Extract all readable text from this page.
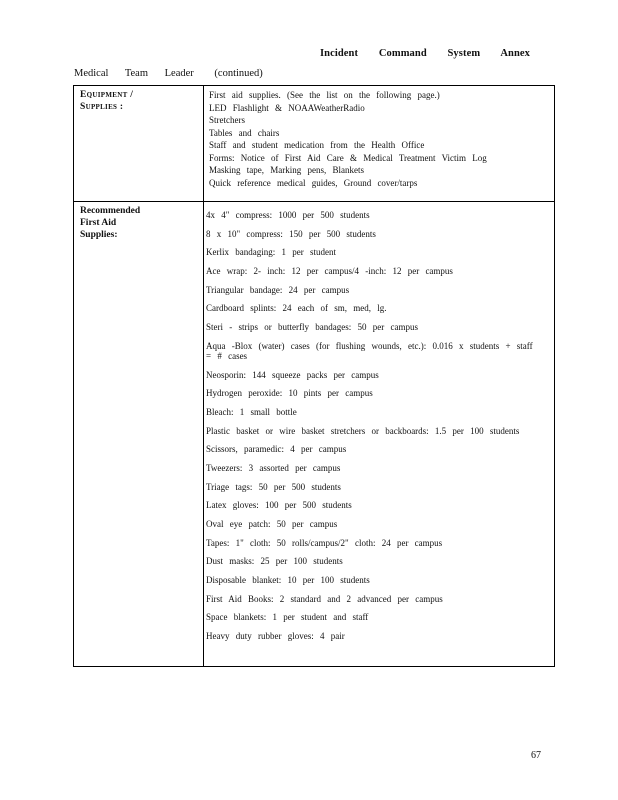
Incident Command System Annex
Medical Team Leader (continued)
Equipment /
Supplies :
First aid supplies. (See the list on the following page.)
LED Flashlight & NOAAWeatherRadio
Stretchers
Tables and chairs
Staff and student medication from the Health Office
Forms: Notice of First Aid Care & Medical Treatment Victim Log
Masking tape, Marking pens, Blankets
Quick reference medical guides, Ground cover/tarps
Recommended
First Aid
Supplies:
4x 4" compress: 1000 per 500 students
8 x 10" compress: 150 per 500 students
Kerlix bandaging: 1 per student
Ace wrap: 2- inch: 12 per campus/4 -inch: 12 per campus
Triangular bandage: 24 per campus
Cardboard splints: 24 each of sm, med, lg.
Steri - strips or butterfly bandages: 50 per campus
Aqua -Blox (water) cases (for flushing wounds, etc.): 0.016 x students + staff = # cases
Neosporin: 144 squeeze packs per campus
Hydrogen peroxide: 10 pints per campus
Bleach: 1 small bottle
Plastic basket or wire basket stretchers or backboards: 1.5 per 100 students
Scissors, paramedic: 4 per campus
Tweezers: 3 assorted per campus
Triage tags: 50 per 500 students
Latex gloves: 100 per 500 students
Oval eye patch: 50 per campus
Tapes: 1" cloth: 50 rolls/campus/2" cloth: 24 per campus
Dust masks: 25 per 100 students
Disposable blanket: 10 per 100 students
First Aid Books: 2 standard and 2 advanced per campus
Space blankets: 1 per student and staff
Heavy duty rubber gloves: 4 pair
67
